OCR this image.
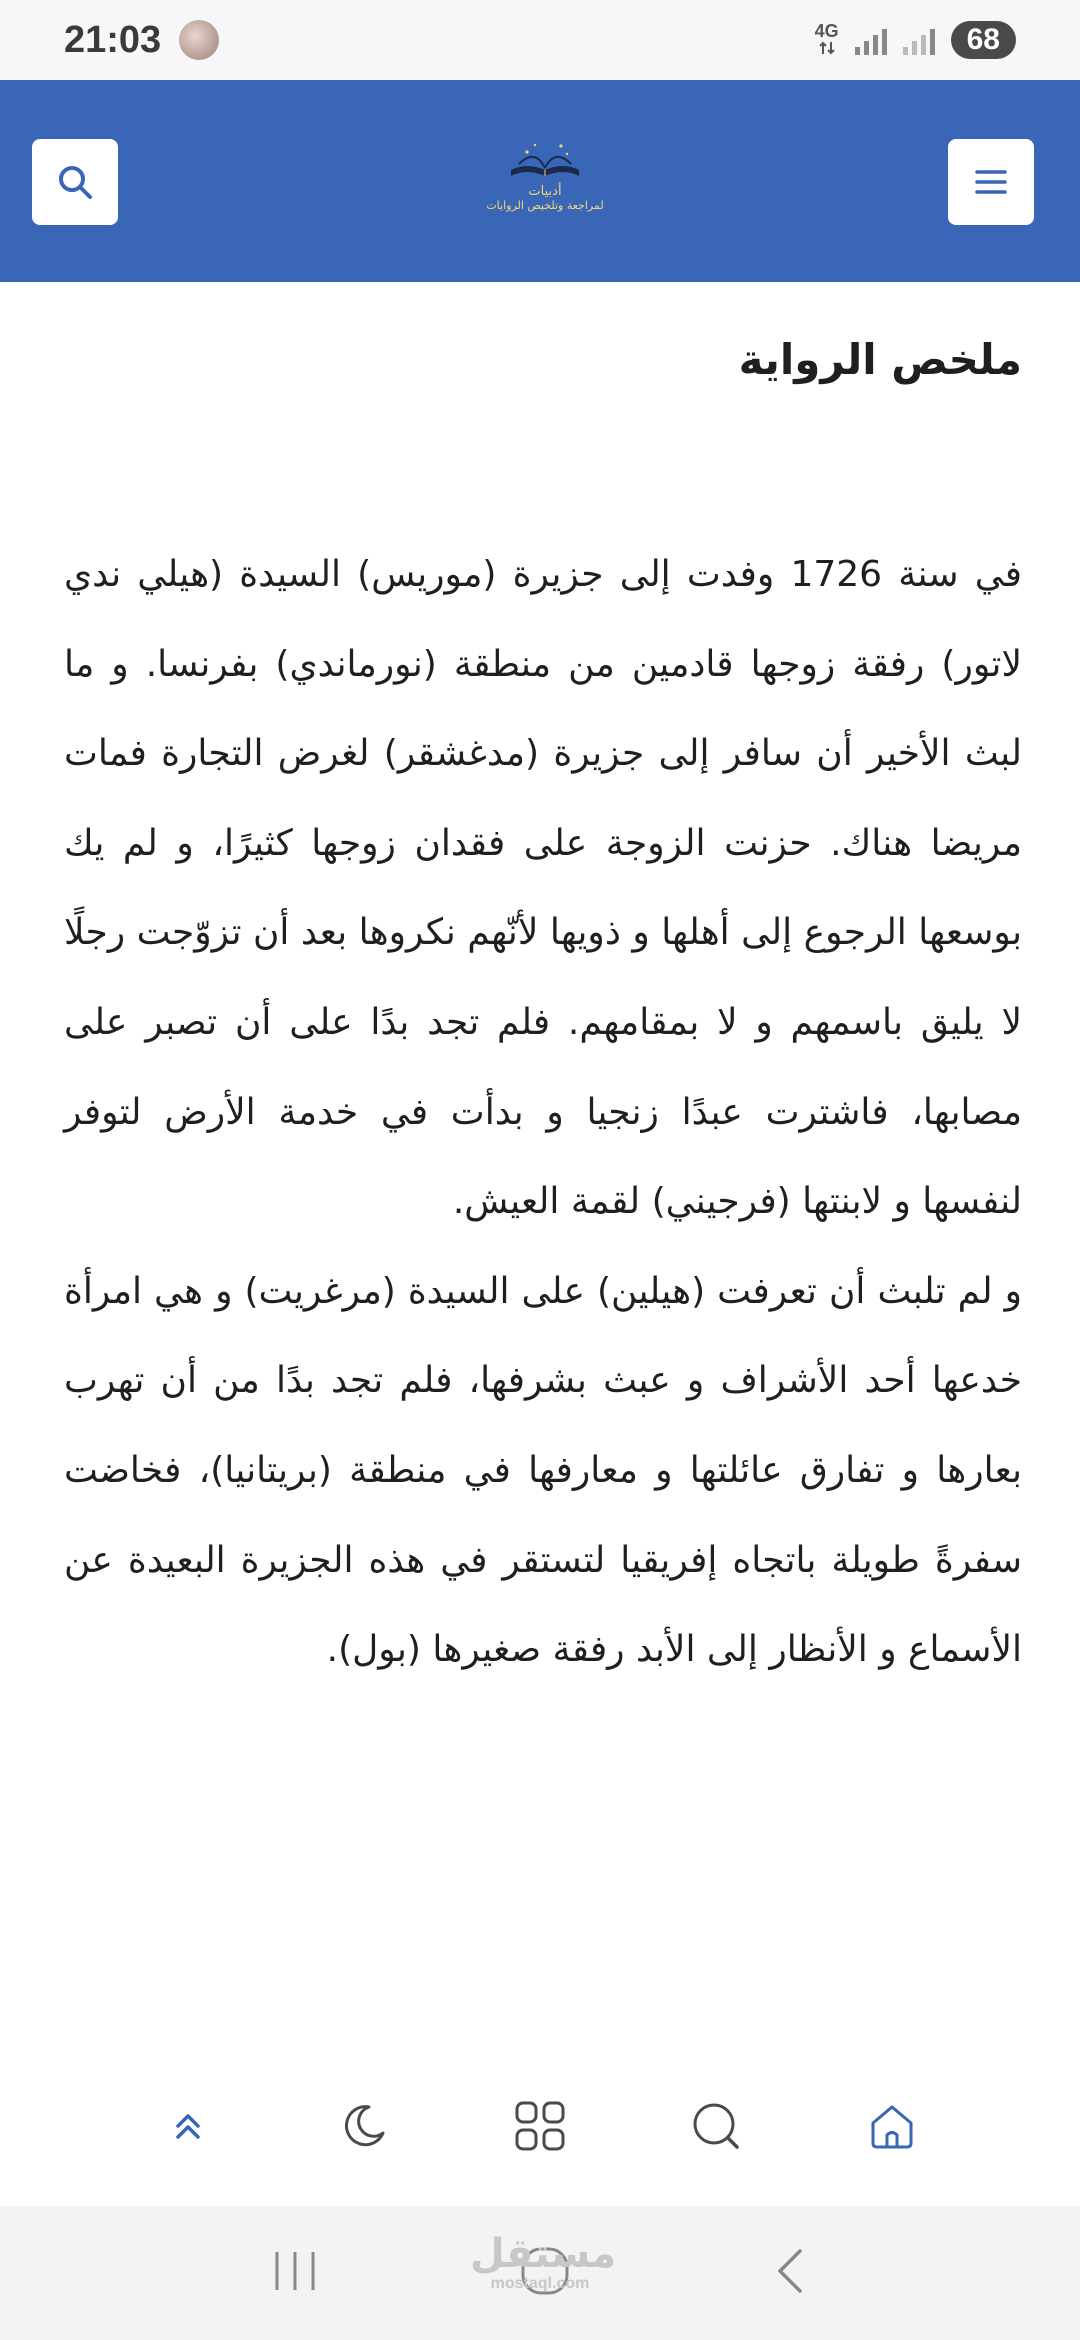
21:03	4G	68
أدبيات
لمراجعة وتلخيص الروايات
ملخص الرواية

في سنة 1726 وفدت إلى جزيرة (موريس) السيدة (هيلي ندي لاتور) رفقة زوجها قادمين من منطقة (نورماندي) بفرنسا. و ما لبث الأخير أن سافر إلى جزيرة (مدغشقر) لغرض التجارة فمات مريضا هناك. حزنت الزوجة على فقدان زوجها كثيرًا، و لم يك بوسعها الرجوع إلى أهلها و ذويها لأنّهم نكروها بعد أن تزوّجت رجلًا لا يليق باسمهم و لا بمقامهم. فلم تجد بدًا على أن تصبر على مصابها، فاشترت عبدًا زنجيا و بدأت في خدمة الأرض لتوفر لنفسها و لابنتها (فرجيني) لقمة العيش.

و لم تلبث أن تعرفت (هيلين) على السيدة (مرغريت) و هي امرأة خدعها أحد الأشراف و عبث بشرفها، فلم تجد بدًا من أن تهرب بعارها و تفارق عائلتها و معارفها في منطقة (بريتانيا)، فخاضت سفرةً طويلة باتجاه إفريقيا لتستقر في هذه الجزيرة البعيدة عن الأسماع و الأنظار إلى الأبد رفقة صغيرها (بول).

مستقل
mostaql.com
